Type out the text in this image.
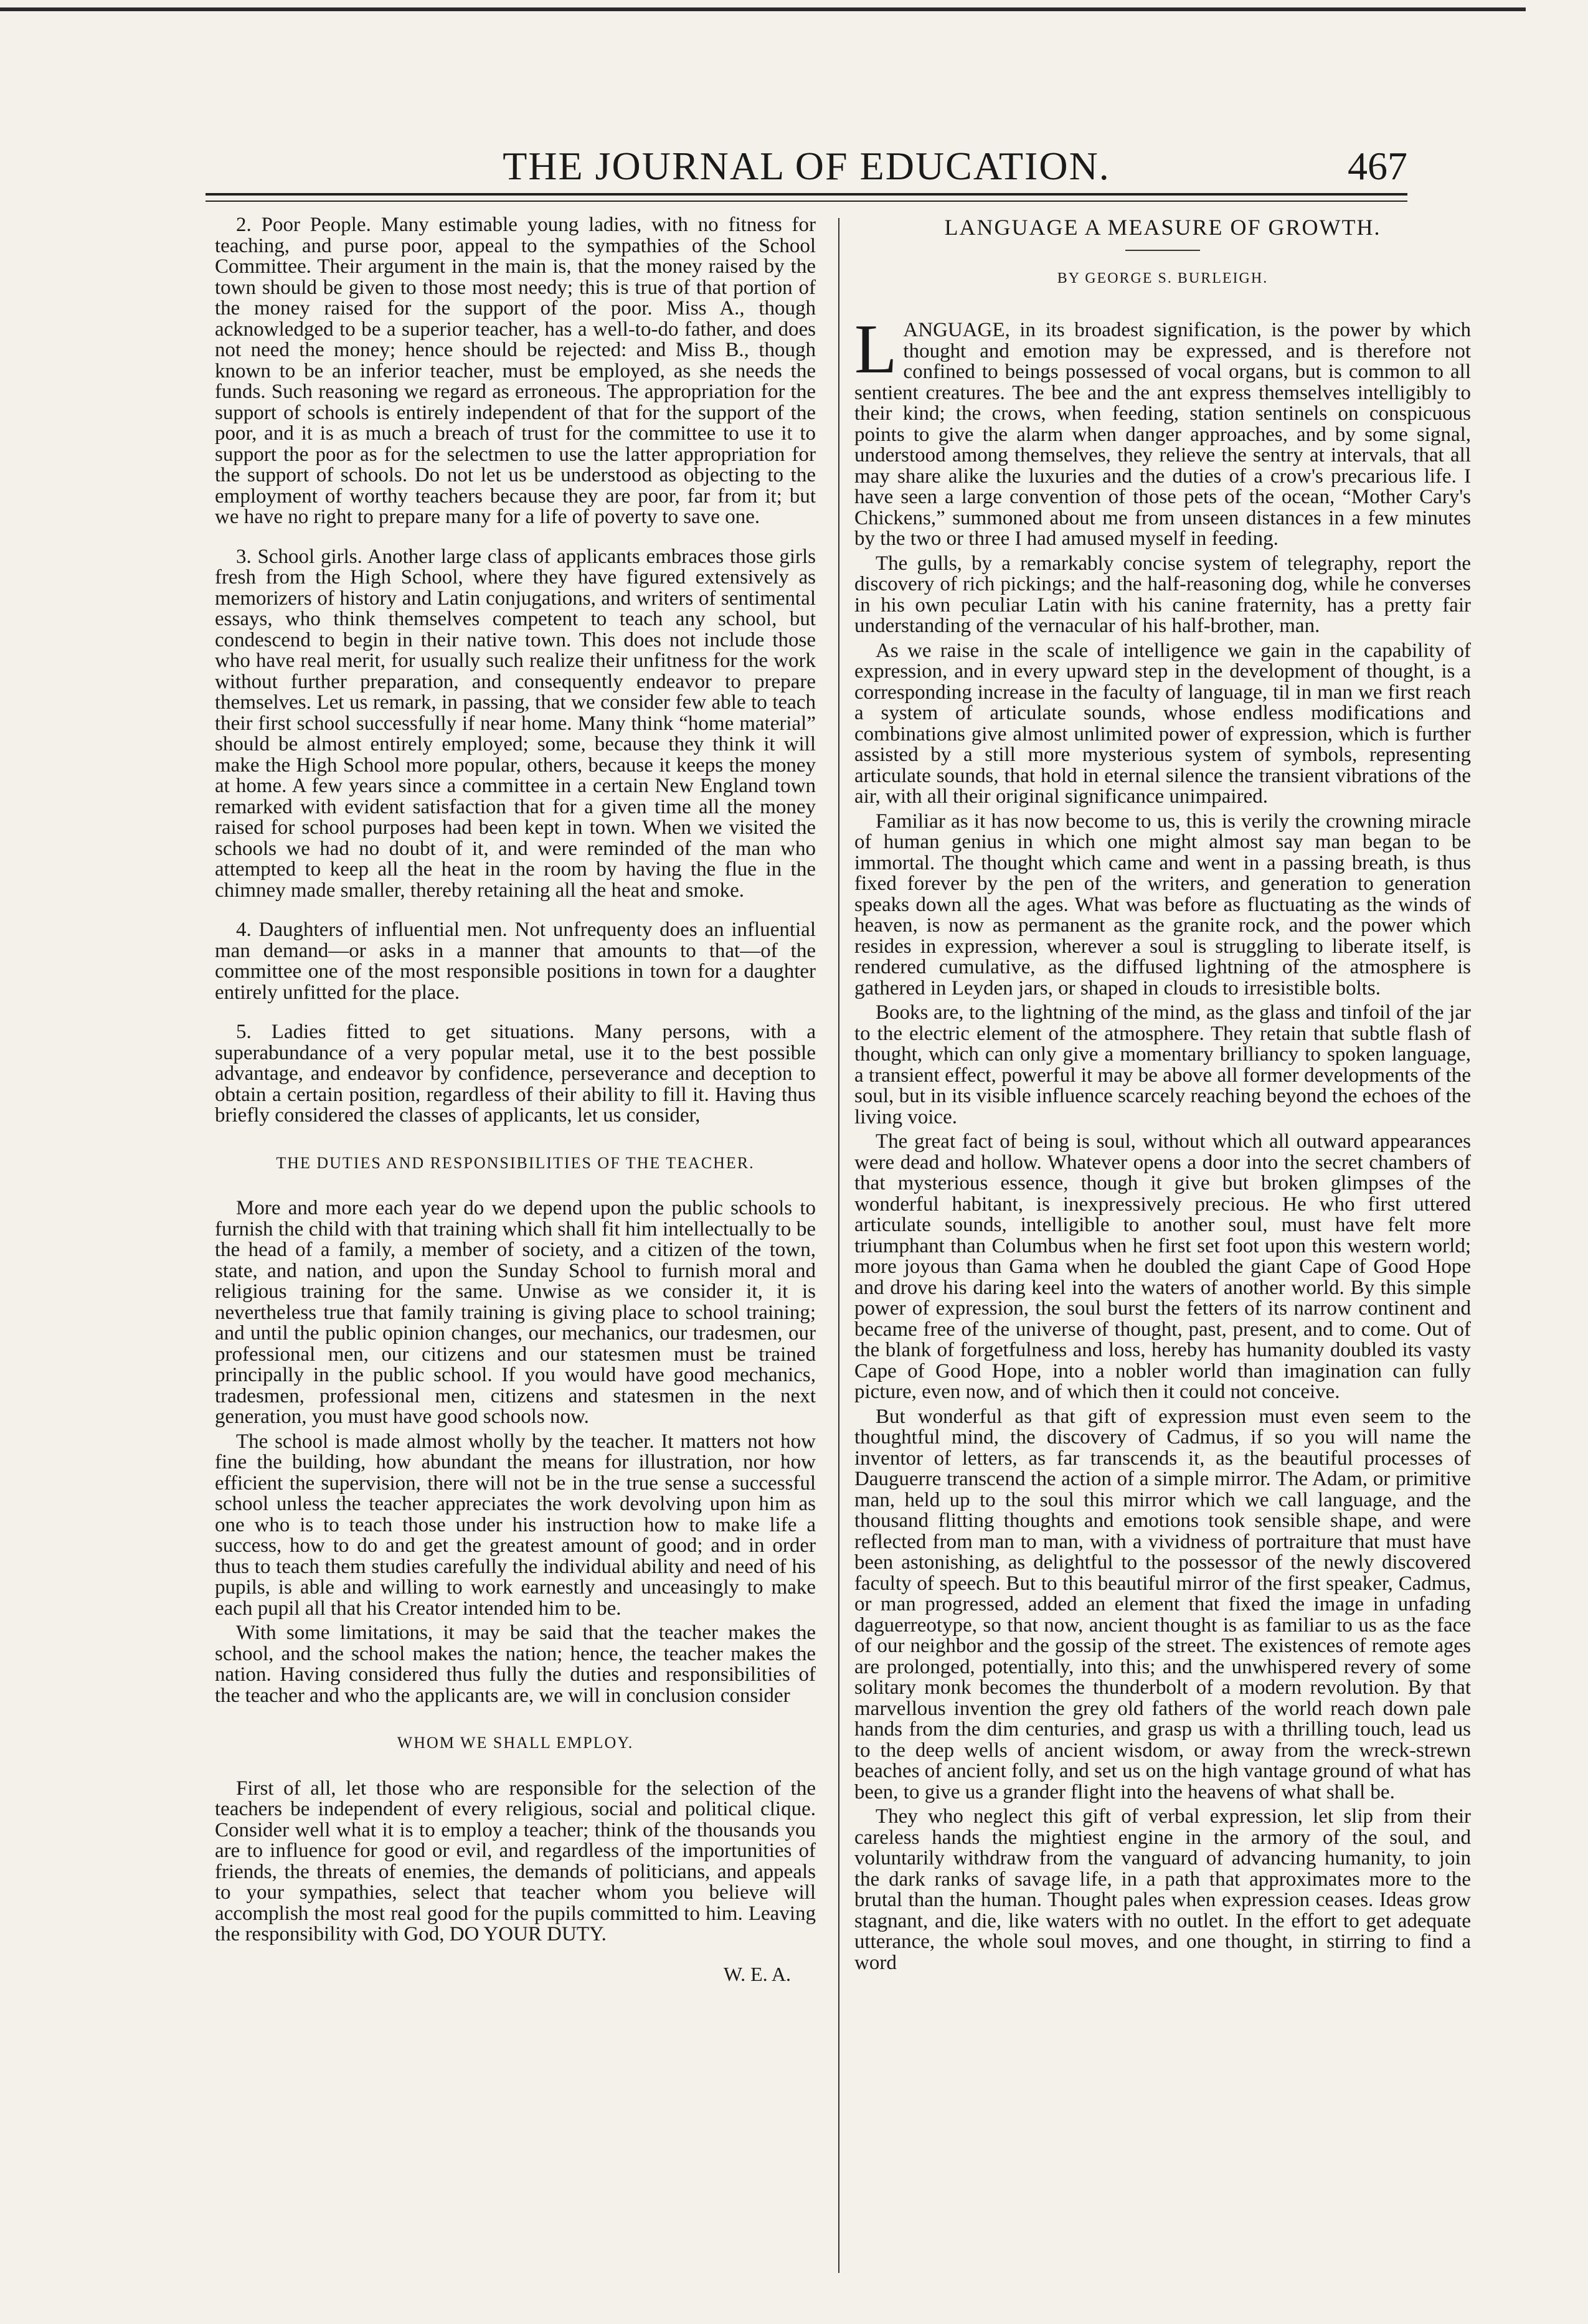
THE JOURNAL OF EDUCATION.	467

2. Poor People. Many estimable young ladies, with no fitness for teaching, and purse poor, appeal to the sympathies of the School Committee. Their argument in the main is, that the money raised by the town should be given to those most needy; this is true of that portion of the money raised for the support of the poor. Miss A., though acknowledged to be a superior teacher, has a well-to-do father, and does not need the money; hence should be rejected: and Miss B., though known to be an inferior teacher, must be employed, as she needs the funds. Such reasoning we regard as erroneous. The appropriation for the support of schools is entirely independent of that for the support of the poor, and it is as much a breach of trust for the committee to use it to support the poor as for the selectmen to use the latter appropriation for the support of schools. Do not let us be understood as objecting to the employment of worthy teachers because they are poor, far from it; but we have no right to prepare many for a life of poverty to save one.

3. School girls. Another large class of applicants embraces those girls fresh from the High School, where they have figured extensively as memorizers of history and Latin conjugations, and writers of sentimental essays, who think themselves competent to teach any school, but condescend to begin in their native town. This does not include those who have real merit, for usually such realize their unfitness for the work without further preparation, and consequently endeavor to prepare themselves. Let us remark, in passing, that we consider few able to teach their first school successfully if near home. Many think “home material” should be almost entirely employed; some, because they think it will make the High School more popular, others, because it keeps the money at home. A few years since a committee in a certain New England town remarked with evident satisfaction that for a given time all the money raised for school purposes had been kept in town. When we visited the schools we had no doubt of it, and were reminded of the man who attempted to keep all the heat in the room by having the flue in the chimney made smaller, thereby retaining all the heat and smoke.

4. Daughters of influential men. Not unfrequenty does an influential man demand—or asks in a manner that amounts to that—of the committee one of the most responsible positions in town for a daughter entirely unfitted for the place.

5. Ladies fitted to get situations. Many persons, with a superabundance of a very popular metal, use it to the best possible advantage, and endeavor by confidence, perseverance and deception to obtain a certain position, regardless of their ability to fill it. Having thus briefly considered the classes of applicants, let us consider,

THE DUTIES AND RESPONSIBILITIES OF THE TEACHER.

More and more each year do we depend upon the public schools to furnish the child with that training which shall fit him intellectually to be the head of a family, a member of society, and a citizen of the town, state, and nation, and upon the Sunday School to furnish moral and religious training for the same. Unwise as we consider it, it is nevertheless true that family training is giving place to school training; and until the public opinion changes, our mechanics, our tradesmen, our professional men, our citizens and our statesmen must be trained principally in the public school. If you would have good mechanics, tradesmen, professional men, citizens and statesmen in the next generation, you must have good schools now.

The school is made almost wholly by the teacher. It matters not how fine the building, how abundant the means for illustration, nor how efficient the supervision, there will not be in the true sense a successful school unless the teacher appreciates the work devolving upon him as one who is to teach those under his instruction how to make life a success, how to do and get the greatest amount of good; and in order thus to teach them studies carefully the individual ability and need of his pupils, is able and willing to work earnestly and unceasingly to make each pupil all that his Creator intended him to be.

With some limitations, it may be said that the teacher makes the school, and the school makes the nation; hence, the teacher makes the nation. Having considered thus fully the duties and responsibilities of the teacher and who the applicants are, we will in conclusion consider

WHOM WE SHALL EMPLOY.

First of all, let those who are responsible for the selection of the teachers be independent of every religious, social and political clique. Consider well what it is to employ a teacher; think of the thousands you are to influence for good or evil, and regardless of the importunities of friends, the threats of enemies, the demands of politicians, and appeals to your sympathies, select that teacher whom you believe will accomplish the most real good for the pupils committed to him. Leaving the responsibility with God, DO YOUR DUTY.

W. E. A.
LANGUAGE A MEASURE OF GROWTH.
BY GEORGE S. BURLEIGH.

LANGUAGE, in its broadest signification, is the power by which thought and emotion may be expressed, and is therefore not confined to beings possessed of vocal organs, but is common to all sentient creatures. The bee and the ant express themselves intelligibly to their kind; the crows, when feeding, station sentinels on conspicuous points to give the alarm when danger approaches, and by some signal, understood among themselves, they relieve the sentry at intervals, that all may share alike the luxuries and the duties of a crow's precarious life. I have seen a large convention of those pets of the ocean, “Mother Cary's Chickens,” summoned about me from unseen distances in a few minutes by the two or three I had amused myself in feeding.

The gulls, by a remarkably concise system of telegraphy, report the discovery of rich pickings; and the half-reasoning dog, while he converses in his own peculiar Latin with his canine fraternity, has a pretty fair understanding of the vernacular of his half-brother, man.

As we raise in the scale of intelligence we gain in the capability of expression, and in every upward step in the development of thought, is a corresponding increase in the faculty of language, til in man we first reach a system of articulate sounds, whose endless modifications and combinations give almost unlimited power of expression, which is further assisted by a still more mysterious system of symbols, representing articulate sounds, that hold in eternal silence the transient vibrations of the air, with all their original significance unimpaired.

Familiar as it has now become to us, this is verily the crowning miracle of human genius in which one might almost say man began to be immortal. The thought which came and went in a passing breath, is thus fixed forever by the pen of the writers, and generation to generation speaks down all the ages. What was before as fluctuating as the winds of heaven, is now as permanent as the granite rock, and the power which resides in expression, wherever a soul is struggling to liberate itself, is rendered cumulative, as the diffused lightning of the atmosphere is gathered in Leyden jars, or shaped in clouds to irresistible bolts.

Books are, to the lightning of the mind, as the glass and tinfoil of the jar to the electric element of the atmosphere. They retain that subtle flash of thought, which can only give a momentary brilliancy to spoken language, a transient effect, powerful it may be above all former developments of the soul, but in its visible influence scarcely reaching beyond the echoes of the living voice.

The great fact of being is soul, without which all outward appearances were dead and hollow. Whatever opens a door into the secret chambers of that mysterious essence, though it give but broken glimpses of the wonderful habitant, is inexpressively precious. He who first uttered articulate sounds, intelligible to another soul, must have felt more triumphant than Columbus when he first set foot upon this western world; more joyous than Gama when he doubled the giant Cape of Good Hope and drove his daring keel into the waters of another world. By this simple power of expression, the soul burst the fetters of its narrow continent and became free of the universe of thought, past, present, and to come. Out of the blank of forgetfulness and loss, hereby has humanity doubled its vasty Cape of Good Hope, into a nobler world than imagination can fully picture, even now, and of which then it could not conceive.

But wonderful as that gift of expression must even seem to the thoughtful mind, the discovery of Cadmus, if so you will name the inventor of letters, as far transcends it, as the beautiful processes of Dauguerre transcend the action of a simple mirror. The Adam, or primitive man, held up to the soul this mirror which we call language, and the thousand flitting thoughts and emotions took sensible shape, and were reflected from man to man, with a vividness of portraiture that must have been astonishing, as delightful to the possessor of the newly discovered faculty of speech. But to this beautiful mirror of the first speaker, Cadmus, or man progressed, added an element that fixed the image in unfading daguerreotype, so that now, ancient thought is as familiar to us as the face of our neighbor and the gossip of the street. The existences of remote ages are prolonged, potentially, into this; and the unwhispered revery of some solitary monk becomes the thunderbolt of a modern revolution. By that marvellous invention the grey old fathers of the world reach down pale hands from the dim centuries, and grasp us with a thrilling touch, lead us to the deep wells of ancient wisdom, or away from the wreck-strewn beaches of ancient folly, and set us on the high vantage ground of what has been, to give us a grander flight into the heavens of what shall be.

They who neglect this gift of verbal expression, let slip from their careless hands the mightiest engine in the armory of the soul, and voluntarily withdraw from the vanguard of advancing humanity, to join the dark ranks of savage life, in a path that approximates more to the brutal than the human. Thought pales when expression ceases. Ideas grow stagnant, and die, like waters with no outlet. In the effort to get adequate utterance, the whole soul moves, and one thought, in stirring to find a word
